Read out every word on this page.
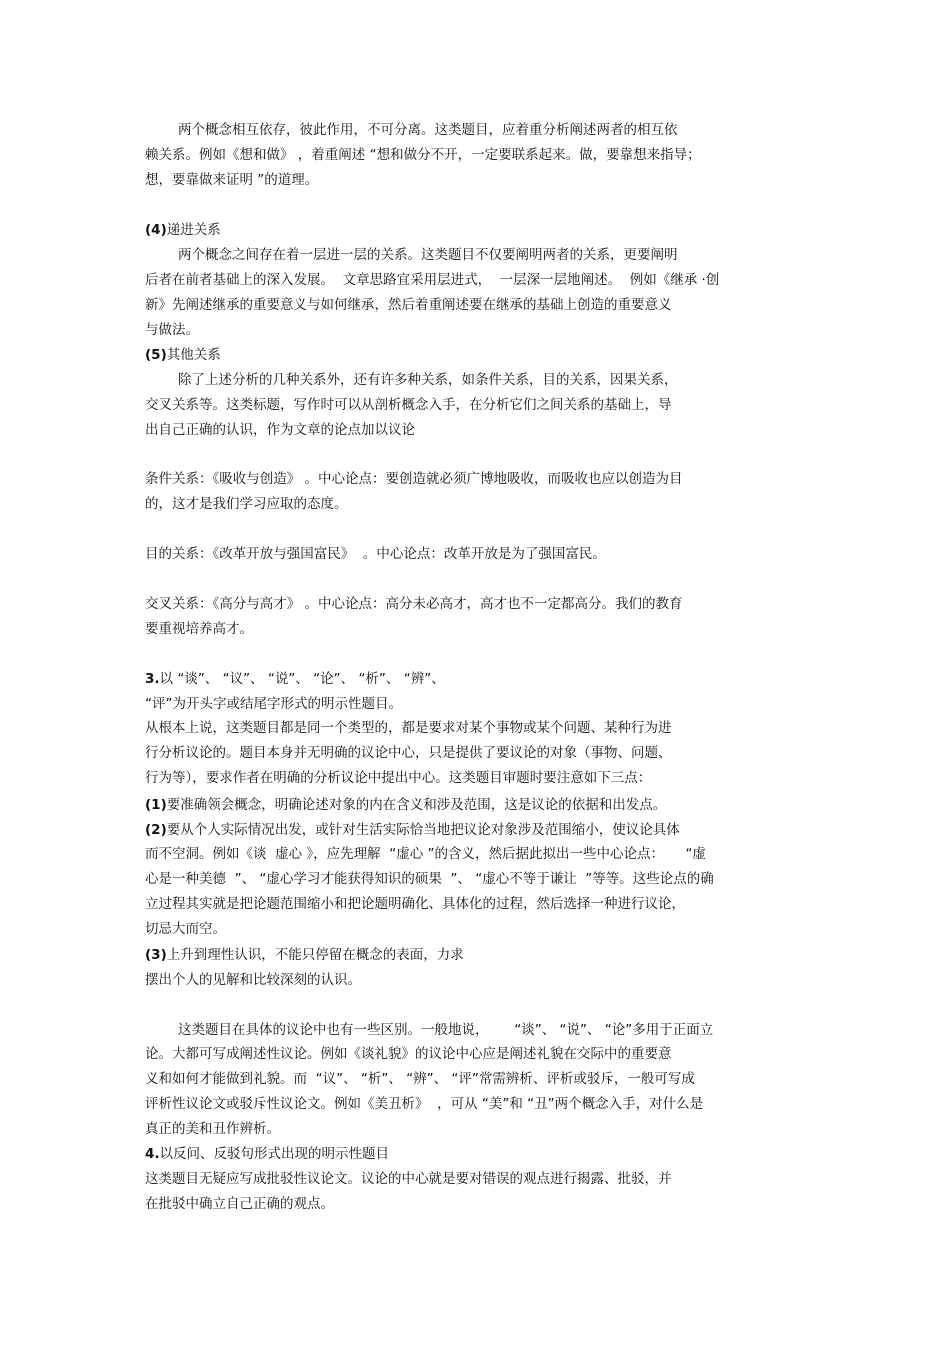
两个概念相互依存，彼此作用，不可分离。这类题目，应着重分析阐述两者的相互依

赖关系。例如《想和做》 ，着重阐述 “想和做分不开，一定要联系起来。做，要靠想来指导；

想，要靠做来证明 ”的道理。

(4)递进关系

两个概念之间存在着一层进一层的关系。这类题目不仅要阐明两者的关系，更要阐明

后者在前者基础上的深入发展。  文章思路宜采用层进式，  一层深一层地阐述。  例如《继承 ·创

新》先阐述继承的重要意义与如何继承，然后着重阐述要在继承的基础上创造的重要意义

与做法。

(5)其他关系

除了上述分析的几种关系外，还有许多种关系，如条件关系，目的关系，因果关系，

交叉关系等。这类标题，写作时可以从剖析概念入手，在分析它们之间关系的基础上，导

出自己正确的认识，作为文章的论点加以议论

条件关系：《吸收与创造》 。中心论点：要创造就必须广博地吸收，而吸收也应以创造为目

的，这才是我们学习应取的态度。

目的关系：《改革开放与强国富民》  。中心论点：改革开放是为了强国富民。

交叉关系：《高分与高才》 。中心论点：高分未必高才，高才也不一定都高分。我们的教育

要重视培养高才。

3.以 “谈”、 “议”、 “说”、 “论”、 “析”、 “辨”、

“评”为开头字或结尾字形式的明示性题目。

从根本上说，这类题目都是同一个类型的，都是要求对某个事物或某个问题、某种行为进

行分析议论的。题目本身并无明确的议论中心，只是提供了要议论的对象（事物、问题、

行为等），要求作者在明确的分析议论中提出中心。这类题目审题时要注意如下三点：

(1)要准确领会概念，明确论述对象的内在含义和涉及范围，这是议论的依据和出发点。

(2)要从个人实际情况出发，或针对生活实际恰当地把议论对象涉及范围缩小，使议论具体

而不空洞。例如《谈  虚心 》，应先理解  “虚心 ”的含义，然后据此拟出一些中心论点：     “虚

心是一种美德  ”、 “虚心学习才能获得知识的硕果  ”、 “虚心不等于谦让  ”等等。这些论点的确

立过程其实就是把论题范围缩小和把论题明确化、具体化的过程，然后选择一种进行议论，

切忌大而空。

(3)上升到理性认识，不能只停留在概念的表面，力求

摆出个人的见解和比较深刻的认识。

这类题目在具体的议论中也有一些区别。一般地说，      “谈”、 “说”、 “论”多用于正面立

论。大都可写成阐述性议论。例如《谈礼貌》的议论中心应是阐述礼貌在交际中的重要意

义和如何才能做到礼貌。而  “议”、 “析”、 “辨”、 “评”常需辨析、评析或驳斥，一般可写成

评析性议论文或驳斥性议论文。例如《美丑析》  ，可从 “美”和 “丑”两个概念入手，对什么是

真正的美和丑作辨析。

4.以反问、反驳句形式出现的明示性题目

这类题目无疑应写成批驳性议论文。议论的中心就是要对错误的观点进行揭露、批驳，并

在批驳中确立自己正确的观点。
